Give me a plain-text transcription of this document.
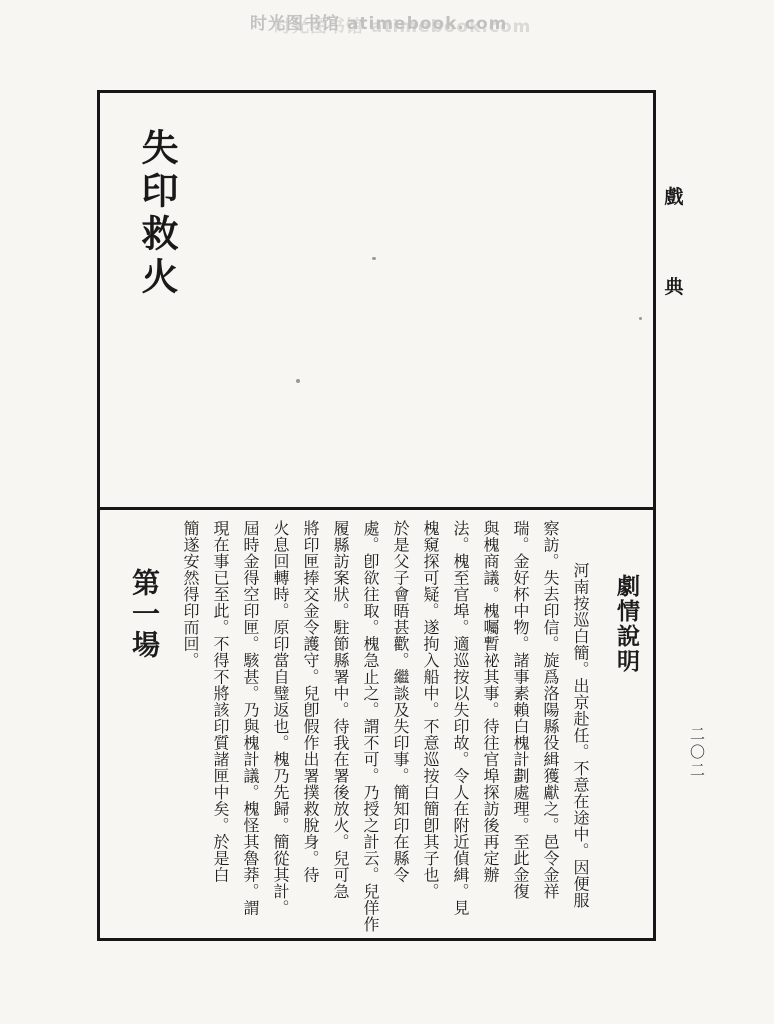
时光图书馆 atimebook.com
失印救火
劇情說明
河南按巡白簡。出京赴任。不意在途中。因便服
察訪。失去印信。旋爲洛陽縣役緝獲獻之。邑令金祥
瑞。金好杯中物。諸事素賴白槐計劃處理。至此金復
與槐商議。槐囑暫祕其事。待往官埠探訪後再定辦
法。槐至官埠。適巡按以失印故。令人在附近偵緝。見
槐窺探可疑。遂拘入船中。不意巡按白簡卽其子也。
於是父子會晤甚歡。繼談及失印事。簡知印在縣令
處。卽欲往取。槐急止之。謂不可。乃授之計云。兒佯作
履縣訪案狀。駐節縣署中。待我在署後放火。兒可急
將印匣捧交金令護守。兒卽假作出署撲救脫身。待
火息回轉時。原印當自璧返也。槐乃先歸。簡從其計。
屆時金得空印匣。駭甚。乃與槐計議。槐怪其魯莽。謂
現在事已至此。不得不將該印質諸匣中矣。於是白
簡遂安然得印而回。
第一場
戲
典
二〇二
